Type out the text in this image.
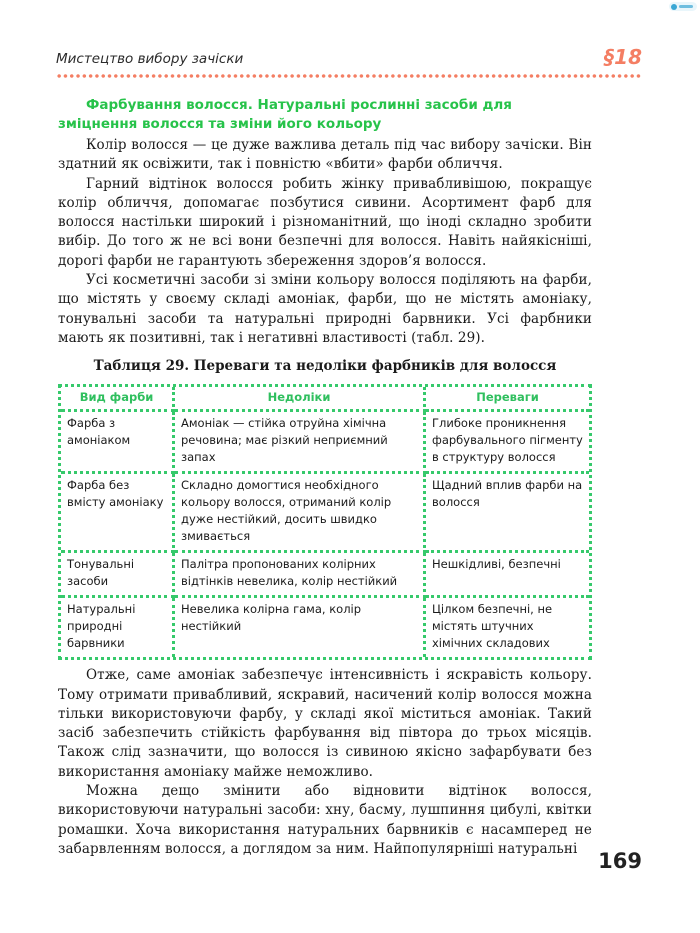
Мистецтво вибору зачіски	§18

Фарбування волосся. Натуральні рослинні засоби для зміцнення волосся та зміни його кольору

Колір волосся — це дуже важлива деталь під час вибору зачіски. Він здатний як освіжити, так і повністю «вбити» фарби обличчя.

Гарний відтінок волосся робить жінку привабливішою, покращує колір обличчя, допомагає позбутися сивини. Асортимент фарб для волосся настільки широкий і різноманітний, що іноді складно зробити вибір. До того ж не всі вони безпечні для волосся. Навіть найякісніші, дорогі фарби не гарантують збереження здоров’я волосся.

Усі косметичні засоби зі зміни кольору волосся поділяють на фарби, що містять у своєму складі амоніак, фарби, що не містять амоніаку, тонувальні засоби та натуральні природні барвники. Усі фарбники мають як позитивні, так і негативні властивості (табл. 29).

Таблиця 29. Переваги та недоліки фарбників для волосся
Вид фарби	Недоліки	Переваги
Фарба з амоніаком	Амоніак — стійка отруйна хімічна речовина; має різкий неприємний запах	Глибоке проникнення фарбувального пігменту в структуру волосся
Фарба без вмісту амоніаку	Складно домогтися необхідного кольору волосся, отриманий колір дуже нестійкий, досить швидко змивається	Щадний вплив фарби на волосся
Тонувальні засоби	Палітра пропонованих колірних відтінків невелика, колір нестійкий	Нешкідливі, безпечні
Натуральні природні барвники	Невелика колірна гама, колір нестійкий	Цілком безпечні, не містять штучних хімічних складових

Отже, саме амоніак забезпечує інтенсивність і яскравість кольору. Тому отримати привабливий, яскравий, насичений колір волосся можна тільки використовуючи фарбу, у складі якої міститься амоніак. Такий засіб забезпечить стійкість фарбування від півтора до трьох місяців. Також слід зазначити, що волосся із сивиною якісно зафарбувати без використання амоніаку майже неможливо.

Можна дещо змінити або відновити відтінок волосся, використовуючи натуральні засоби: хну, басму, лушпиння цибулі, квітки ромашки. Хоча використання натуральних барвників є насамперед не забарвленням волосся, а доглядом за ним. Найпопулярніші натуральні

169
